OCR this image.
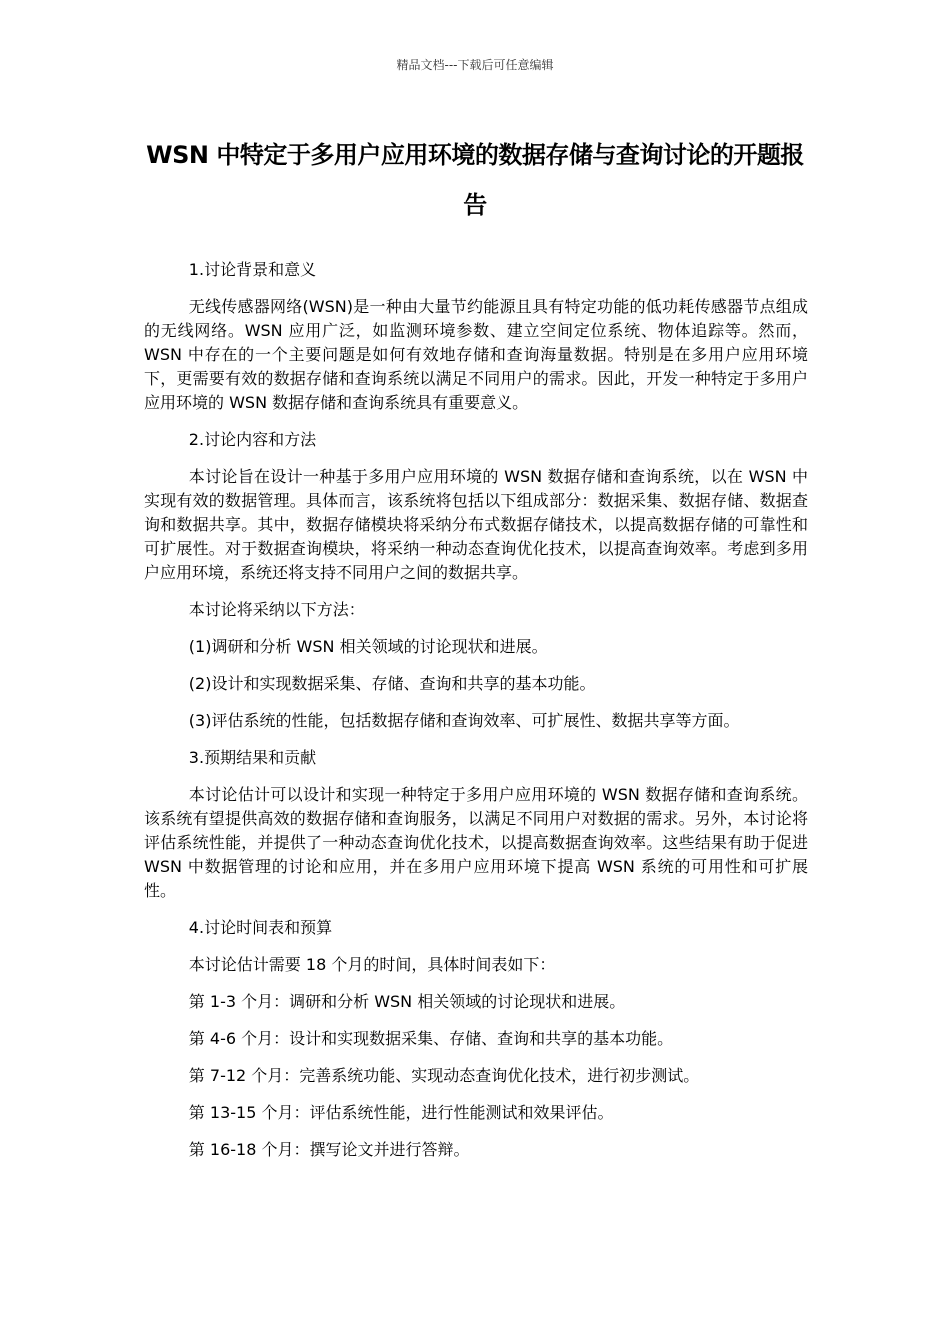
精品文档---下载后可任意编辑
WSN 中特定于多用户应用环境的数据存储与查询讨论的开题报告

1.讨论背景和意义

无线传感器网络(WSN)是一种由大量节约能源且具有特定功能的低功耗传感器节点组成的无线网络。WSN 应用广泛，如监测环境参数、建立空间定位系统、物体追踪等。然而，WSN 中存在的一个主要问题是如何有效地存储和查询海量数据。特别是在多用户应用环境下，更需要有效的数据存储和查询系统以满足不同用户的需求。因此，开发一种特定于多用户应用环境的 WSN 数据存储和查询系统具有重要意义。

2.讨论内容和方法

本讨论旨在设计一种基于多用户应用环境的 WSN 数据存储和查询系统，以在 WSN 中实现有效的数据管理。具体而言，该系统将包括以下组成部分：数据采集、数据存储、数据查询和数据共享。其中，数据存储模块将采纳分布式数据存储技术，以提高数据存储的可靠性和可扩展性。对于数据查询模块，将采纳一种动态查询优化技术，以提高查询效率。考虑到多用户应用环境，系统还将支持不同用户之间的数据共享。

本讨论将采纳以下方法：

(1)调研和分析 WSN 相关领域的讨论现状和进展。

(2)设计和实现数据采集、存储、查询和共享的基本功能。

(3)评估系统的性能，包括数据存储和查询效率、可扩展性、数据共享等方面。

3.预期结果和贡献

本讨论估计可以设计和实现一种特定于多用户应用环境的 WSN 数据存储和查询系统。该系统有望提供高效的数据存储和查询服务，以满足不同用户对数据的需求。另外，本讨论将评估系统性能，并提供了一种动态查询优化技术，以提高数据查询效率。这些结果有助于促进 WSN 中数据管理的讨论和应用，并在多用户应用环境下提高 WSN 系统的可用性和可扩展性。

4.讨论时间表和预算

本讨论估计需要 18 个月的时间，具体时间表如下：

第 1-3 个月：调研和分析 WSN 相关领域的讨论现状和进展。

第 4-6 个月：设计和实现数据采集、存储、查询和共享的基本功能。

第 7-12 个月：完善系统功能、实现动态查询优化技术，进行初步测试。

第 13-15 个月：评估系统性能，进行性能测试和效果评估。

第 16-18 个月：撰写论文并进行答辩。
